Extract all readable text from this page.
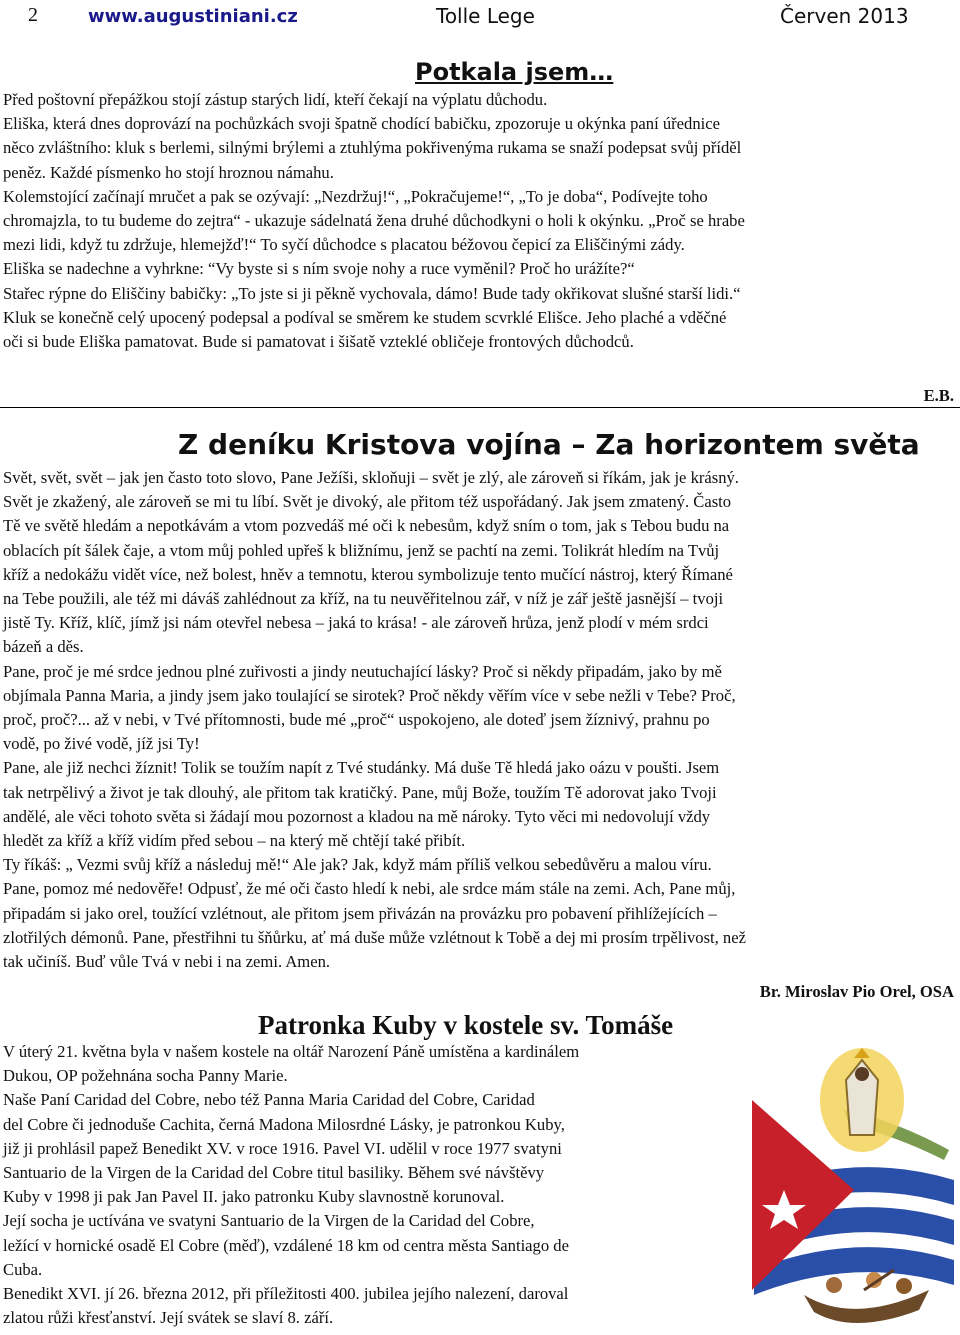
2	www.augustiniani.cz	Tolle Lege	Červen 2013
Potkala jsem…
Před poštovní přepážkou stojí zástup starých lidí, kteří čekají na výplatu důchodu.
Eliška, která dnes doprovází na pochůzkách svoji špatně chodící babičku, zpozoruje u okýnka paní úřednice
něco zvláštního: kluk s berlemi, silnými brýlemi a ztuhlýma pokřivenýma rukama se snaží podepsat svůj příděl
peněz. Každé písmenko ho stojí hroznou námahu.
Kolemstojící začínají mručet a pak se ozývají: „Nezdržuj!“, „Pokračujeme!“, „To je doba“, Podívejte toho
chromajzla, to tu budeme do zejtra“ - ukazuje sádelnatá žena druhé důchodkyni o holi k okýnku. „Proč se hrabe
mezi lidi, když tu zdržuje, hlemejžď!“ To syčí důchodce s placatou béžovou čepicí za Eliščinými zády.
Eliška se nadechne a vyhrkne: “Vy byste si s ním svoje nohy a ruce vyměnil? Proč ho urážíte?“
Stařec rýpne do Eliščiny babičky: „To jste si ji pěkně vychovala, dámo! Bude tady okřikovat slušné starší lidi.“
Kluk se konečně celý upocený podepsal a podíval se směrem ke studem scvrklé Elišce. Jeho plaché a vděčné
oči si bude Eliška pamatovat. Bude si pamatovat i šišatě vzteklé obličeje frontových důchodců.
E.B.
Z deníku Kristova vojína – Za horizontem světa
Svět, svět, svět – jak jen často toto slovo, Pane Ježíši, skloňuji – svět je zlý, ale zároveň si říkám, jak je krásný.
Svět je zkažený, ale zároveň se mi tu líbí. Svět je divoký, ale přitom též uspořádaný. Jak jsem zmatený. Často
Tě ve světě hledám a nepotkávám a vtom pozvedáš mé oči k nebesům, když sním o tom, jak s Tebou budu na
oblacích pít šálek čaje, a vtom můj pohled upřeš k bližnímu, jenž se pachtí na zemi. Tolikrát hledím na Tvůj
kříž a nedokážu vidět více, než bolest, hněv a temnotu, kterou symbolizuje tento mučící nástroj, který Římané
na Tebe použili, ale též mi dáváš zahlédnout za kříž, na tu neuvěřitelnou zář, v níž je zář ještě jasnější – tvoji
jistě Ty. Kříž, klíč, jímž jsi nám otevřel nebesa – jaká to krása! - ale zároveň hrůza, jenž plodí v mém srdci
bázeň a děs.
Pane, proč je mé srdce jednou plné zuřivosti a jindy neutuchající lásky? Proč si někdy připadám, jako by mě
objímala Panna Maria, a jindy jsem jako toulající se sirotek? Proč někdy věřím více v sebe nežli v Tebe? Proč,
proč, proč?... až v nebi, v Tvé přítomnosti, bude mé „proč“ uspokojeno, ale doteď jsem žíznivý, prahnu po
vodě, po živé vodě, jíž jsi Ty!
Pane, ale již nechci žíznit! Tolik se toužím napít z Tvé studánky. Má duše Tě hledá jako oázu v poušti. Jsem
tak netrpělivý a život je tak dlouhý, ale přitom tak kratičký. Pane, můj Bože, toužím Tě adorovat jako Tvoji
andělé, ale věci tohoto světa si žádají mou pozornost a kladou na mě nároky. Tyto věci mi nedovolují vždy
hledět za kříž a kříž vidím před sebou – na který mě chtějí také přibít.
Ty říkáš: „ Vezmi svůj kříž a následuj mě!“ Ale jak? Jak, když mám příliš velkou sebedůvěru a malou víru.
Pane, pomoz mé nedověře! Odpusť, že mé oči často hledí k nebi, ale srdce mám stále na zemi. Ach, Pane můj,
připadám si jako orel, toužící vzlétnout, ale přitom jsem přivázán na provázku pro pobavení přihlížejících –
zlotřilých démonů. Pane, přestřihni tu šňůrku, ať má duše může vzlétnout k Tobě a dej mi prosím trpělivost, než
tak učiníš. Buď vůle Tvá v nebi i na zemi. Amen.
Br. Miroslav Pio Orel, OSA
Patronka Kuby v kostele sv. Tomáše
V úterý 21. května byla v našem kostele na oltář Narození Páně umístěna a kardinálem
Dukou, OP požehnána socha Panny Marie.
Naše Paní Caridad del Cobre, nebo též Panna Maria Caridad del Cobre, Caridad
del Cobre či jednoduše Cachita, černá Madona Milosrdné Lásky, je patronkou Kuby,
již ji prohlásil papež Benedikt XV. v roce 1916. Pavel VI. udělil v roce 1977 svatyni
Santuario de la Virgen de la Caridad del Cobre titul basiliky. Během své návštěvy
Kuby v 1998 ji pak Jan Pavel II. jako patronku Kuby slavnostně korunoval.
Její socha je uctívána ve svatyni Santuario de la Virgen de la Caridad del Cobre,
ležící v hornické osadě El Cobre (měď), vzdálené 18 km od centra města Santiago de
Cuba.
Benedikt XVI. jí 26. března 2012, při příležitosti 400. jubilea jejího nalezení, daroval
zlatou růži křesťanství. Její svátek se slaví 8. září.
